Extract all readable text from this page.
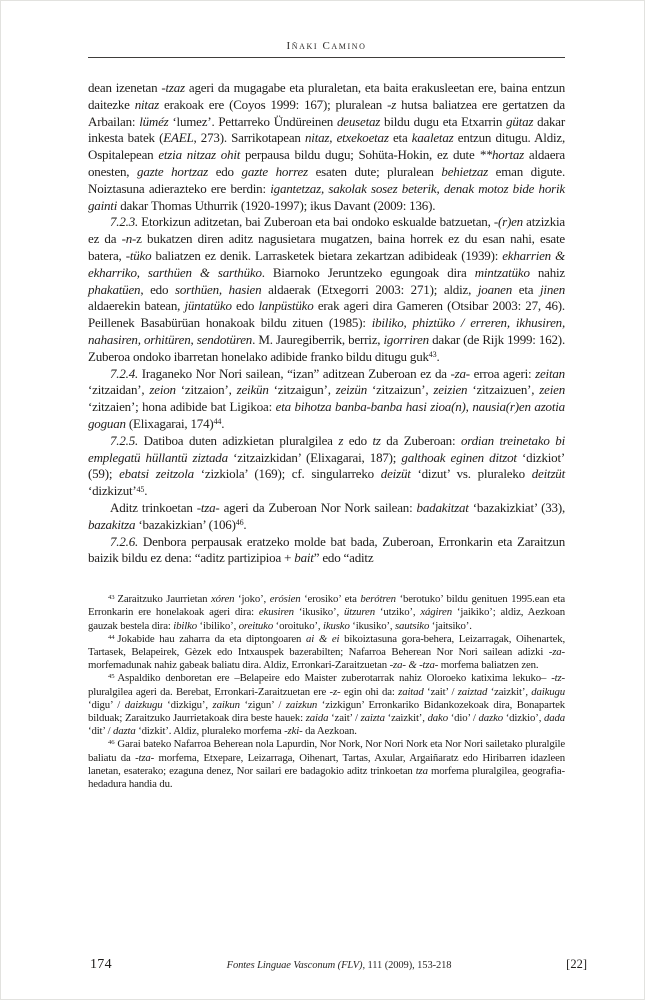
Iñaki Camino

dean izenetan -tzaz ageri da mugagabe eta pluraletan, eta baita erakusleetan ere, baina entzun daitezke nitaz erakoak ere (Coyos 1999: 167); pluralean -z hutsa baliatzea ere gertatzen da Arbailan: lüméz ‘lumez’. Pettarreko Ündüreinen deusetaz bildu dugu eta Etxarrin gütaz dakar inkesta batek (EAEL, 273). Sarrikotapean nitaz, etxekoetaz eta kaaletaz entzun ditugu. Aldiz, Ospitalepean etzia nitzaz ohit perpausa bildu dugu; Sohüta-Hokin, ez dute **hortaz aldaera onesten, gazte hortzaz edo gazte horrez esaten dute; pluralean behietzaz eman digute. Noiztasuna adierazteko ere berdin: igantetzaz, sakolak sosez beterik, denak motoz bide horik gainti dakar Thomas Uthurrik (1920-1997); ikus Davant (2009: 136).

7.2.3. Etorkizun aditzetan, bai Zuberoan eta bai ondoko eskualde batzuetan, -(r)en atzizkia ez da -n-z bukatzen diren aditz nagusietara mugatzen, baina horrek ez du esan nahi, esate batera, -tüko baliatzen ez denik. Larrasketek bietara zekartzan adibideak (1939): ekharrien & ekharriko, sarthüen & sarthüko. Biarnoko Jeruntzeko egungoak dira mintzatüko nahiz phakatüen, edo sorthüen, hasien aldaerak (Etxegorri 2003: 271); aldiz, joanen eta jinen aldaerekin batean, jüntatüko edo lanpüstüko erak ageri dira Gameren (Otsibar 2003: 27, 46). Peillenek Basabürüan honakoak bildu zituen (1985): ibiliko, phiztüko / erreren, ikhusiren, nahasiren, orhitüren, sendotüren. M. Jauregiberrik, berriz, igorriren dakar (de Rijk 1999: 162). Zuberoa ondoko ibarretan honelako adibide franko bildu ditugu guk$^{43}$.

7.2.4. Iraganeko Nor Nori sailean, “izan” aditzean Zuberoan ez da -za- erroa ageri: zeitan ‘zitzaidan’, zeion ‘zitzaion’, zeikün ‘zitzaigun’, zeizün ‘zitzaizun’, zeizien ‘zitzaizuen’, zeien ‘zitzaien’; hona adibide bat Ligikoa: eta bihotza banba-banba hasi zioa(n), nausia(r)en azotia goguan (Elixagarai, 174)$^{44}$.

7.2.5. Datiboa duten adizkietan pluralgilea z edo tz da Zuberoan: ordian treinetako bi emplegatü hüllantü ziztada ‘zitzaizkidan’ (Elixagarai, 187); galthoak eginen ditzot ‘dizkiot’ (59); ebatsi zeitzola ‘zizkiola’ (169); cf. singularreko deizüt ‘dizut’ vs. pluraleko deitzüt ‘dizkizut’$^{45}$.

Aditz trinkoetan -tza- ageri da Zuberoan Nor Nork sailean: badakitzat ‘bazakizkiat’ (33), bazakitza ‘bazakizkian’ (106)$^{46}$.

7.2.6. Denbora perpausak eratzeko molde bat bada, Zuberoan, Erronkarin eta Zaraitzun baizik bildu ez dena: “aditz partizipioa + bait” edo “aditz

$^{43}$ Zaraitzuko Jaurrietan xóren ‘joko’, erósien ‘erosiko’ eta berótren ‘berotuko’ bildu genituen 1995.ean eta Erronkarin ere honelakoak ageri dira: ekusiren ‘ikusiko’, ützuren ‘utziko’, xágiren ‘jaikiko’; aldiz, Aezkoan gauzak bestela dira: ibilko ‘ibiliko’, oreituko ‘oroituko’, ikusko ‘ikusiko’, sautsiko ‘jaitsiko’.

$^{44}$ Jokabide hau zaharra da eta diptongoaren ai & ei bikoiztasuna gora-behera, Leizarragak, Oihenartek, Tartasek, Belapeirek, Gèzek edo Intxauspek bazerabilten; Nafarroa Beherean Nor Nori sailean adizki -za- morfemadunak nahiz gabeak baliatu dira. Aldiz, Erronkari-Zaraitzuetan -za- & -tza- morfema baliatzen zen.

$^{45}$ Aspaldiko denboretan ere –Belapeire edo Maister zuberotarrak nahiz Oloroeko katixima lekuko– -tz- pluralgilea ageri da. Berebat, Erronkari-Zaraitzuetan ere -z- egin ohi da: zaitad ‘zait’ / zaiztad ‘zaizkit’, daikugu ‘digu’ / daizkugu ‘dizkigu’, zaikun ‘zigun’ / zaizkun ‘zizkigun’ Erronkariko Bidankozekoak dira, Bonapartek bilduak; Zaraitzuko Jaurrietakoak dira beste hauek: zaida ‘zait’ / zaizta ‘zaizkit’, dako ‘dio’ / dazko ‘dizkio’, dada ‘dit’ / dazta ‘dizkit’. Aldiz, pluraleko morfema -zki- da Aezkoan.

$^{46}$ Garai bateko Nafarroa Beherean nola Lapurdin, Nor Nork, Nor Nori Nork eta Nor Nori sailetako pluralgile baliatu da -tza- morfema, Etxepare, Leizarraga, Oihenart, Tartas, Axular, Argaiñaratz edo Hiribarren idazleen lanetan, esaterako; ezaguna denez, Nor sailari ere badagokio aditz trinkoetan tza morfema pluralgilea, geografia-hedadura handia du.

174	Fontes Linguae Vasconum (FLV), 111 (2009), 153-218	[22]
